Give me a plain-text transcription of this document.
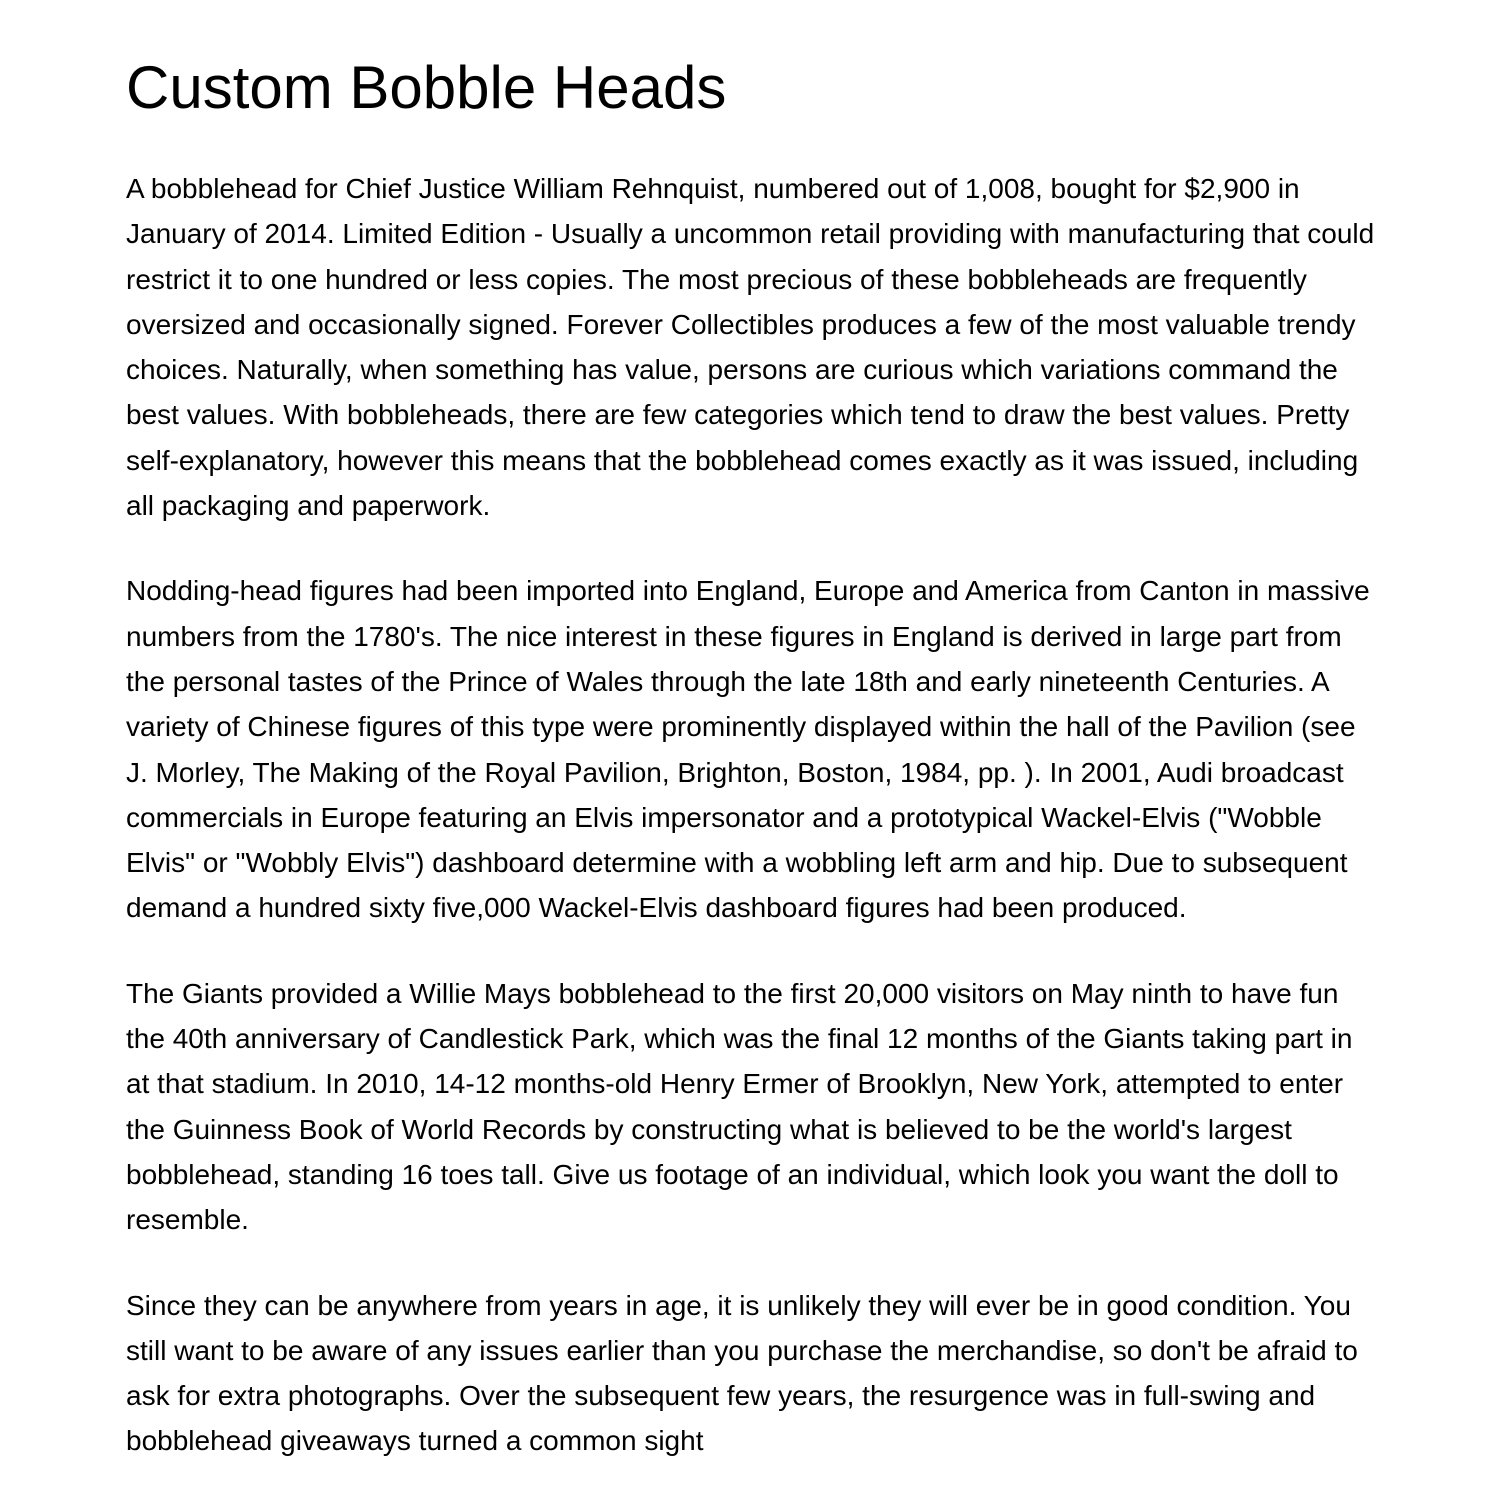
Custom Bobble Heads

A bobblehead for Chief Justice William Rehnquist, numbered out of 1,008, bought for $2,900 in January of 2014. Limited Edition - Usually a uncommon retail providing with manufacturing that could restrict it to one hundred or less copies. The most precious of these bobbleheads are frequently oversized and occasionally signed. Forever Collectibles produces a few of the most valuable trendy choices. Naturally, when something has value, persons are curious which variations command the best values. With bobbleheads, there are few categories which tend to draw the best values. Pretty self-explanatory, however this means that the bobblehead comes exactly as it was issued, including all packaging and paperwork.

Nodding-head figures had been imported into England, Europe and America from Canton in massive numbers from the 1780's. The nice interest in these figures in England is derived in large part from the personal tastes of the Prince of Wales through the late 18th and early nineteenth Centuries. A variety of Chinese figures of this type were prominently displayed within the hall of the Pavilion (see J. Morley, The Making of the Royal Pavilion, Brighton, Boston, 1984, pp. ). In 2001, Audi broadcast commercials in Europe featuring an Elvis impersonator and a prototypical Wackel-Elvis ("Wobble Elvis" or "Wobbly Elvis") dashboard determine with a wobbling left arm and hip. Due to subsequent demand a hundred sixty five,000 Wackel-Elvis dashboard figures had been produced.

The Giants provided a Willie Mays bobblehead to the first 20,000 visitors on May ninth to have fun the 40th anniversary of Candlestick Park, which was the final 12 months of the Giants taking part in at that stadium. In 2010, 14-12 months-old Henry Ermer of Brooklyn, New York, attempted to enter the Guinness Book of World Records by constructing what is believed to be the world's largest bobblehead, standing 16 toes tall. Give us footage of an individual, which look you want the doll to resemble.

Since they can be anywhere from years in age, it is unlikely they will ever be in good condition. You still want to be aware of any issues earlier than you purchase the merchandise, so don't be afraid to ask for extra photographs. Over the subsequent few years, the resurgence was in full-swing and bobblehead giveaways turned a common sight
